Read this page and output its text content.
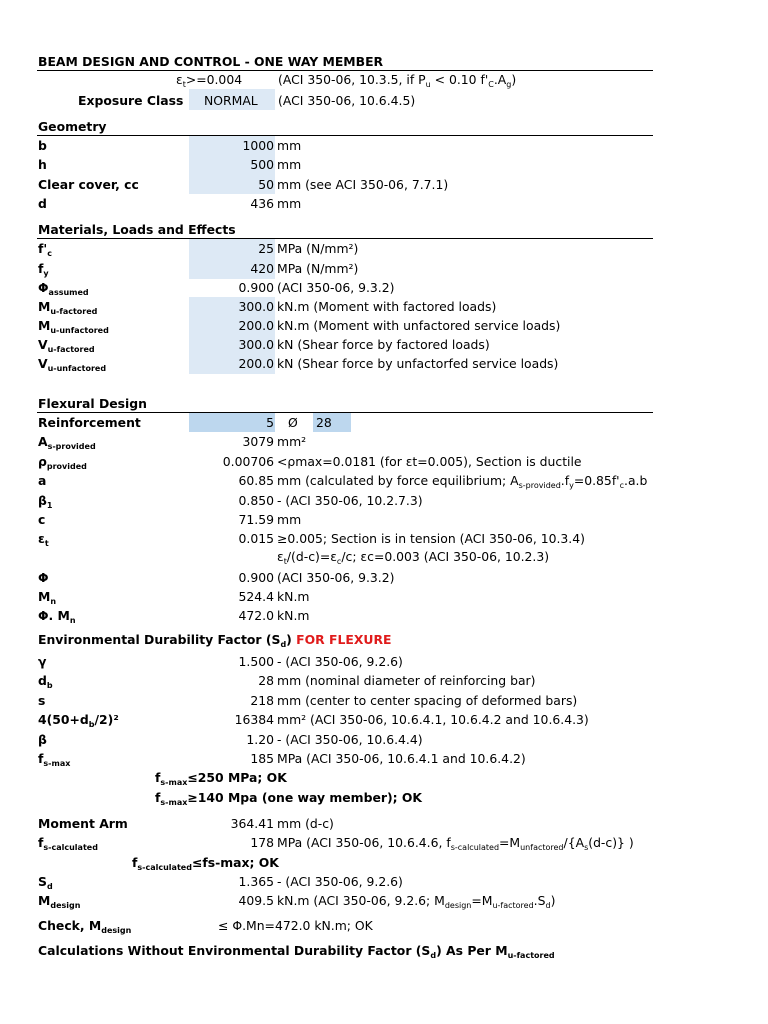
BEAM DESIGN AND CONTROL - ONE WAY MEMBER
$\varepsilon_t>=0.004$	(ACI 350-06, 10.3.5, if $P_u < 0.10$ $f'_C.A_g$)
Exposure Class NORMAL (ACI 350-06, 10.6.4.5)
Geometry
b	1000 mm
h	500 mm
Clear cover, cc	50 mm (see ACI 350-06, 7.7.1)
d	436 mm
Materials, Loads and Effects
$f'_c$	25 MPa (N/mm²)
$f_y$	420 MPa (N/mm²)
$\Phi_{assumed}$	0.900 (ACI 350-06, 9.3.2)
$M_{u-factored}$	300.0 kN.m (Moment with factored loads)
$M_{u-unfactored}$	200.0 kN.m (Moment with unfactored service loads)
$V_{u-factored}$	300.0 kN (Shear force by factored loads)
$V_{u-unfactored}$	200.0 kN (Shear force by unfactorfed service loads)
Flexural Design
Reinforcement	5 Ø 28
$A_{s-provided}$	3079 mm²
$\rho_{provided}$	0.00706 <ρmax=0.0181 (for εt=0.005), Section is ductile
a	60.85 mm (calculated by force equilibrium; $A_{s-provided}.f_y=0.85f'_c.a.b$
$\beta_1$	0.850 - (ACI 350-06, 10.2.7.3)
c	71.59 mm
$\varepsilon_t$	0.015 ≥0.005; Section is in tension (ACI 350-06, 10.3.4)
$\varepsilon_t/(d-c)=\varepsilon_c/c$; εc=0.003 (ACI 350-06, 10.2.3)
Φ	0.900 (ACI 350-06, 9.3.2)
$M_n$	524.4 kN.m
Φ. $M_n$	472.0 kN.m
Environmental Durability Factor $(S_d)$ FOR FLEXURE
γ	1.500 - (ACI 350-06, 9.2.6)
$d_b$	28 mm (nominal diameter of reinforcing bar)
s	218 mm (center to center spacing of deformed bars)
$4(50+d_b/2)^2$	16384 mm² (ACI 350-06, 10.6.4.1, 10.6.4.2 and 10.6.4.3)
β	1.20 - (ACI 350-06, 10.6.4.4)
$f_{s-max}$	185 MPa (ACI 350-06, 10.6.4.1 and 10.6.4.2)
$f_{s-max}\le 250$ MPa; OK
$f_{s-max}\ge 140$ Mpa (one way member); OK
Moment Arm	364.41 mm (d-c)
$f_{s-calculated}$	178 MPa (ACI 350-06, 10.6.4.6, $f_{s-calculated}=M_{unfactored}/\{A_s(d-c)\}$ )
$f_{s-calculated}\le fs-\max$; OK
$S_d$	1.365 - (ACI 350-06, 9.2.6)
$M_{design}$	409.5 kN.m (ACI 350-06, 9.2.6; $M_{design}=M_{u-factored}.S_d$)
Check, $M_{design}$	≤ Φ.Mn=472.0 kN.m; OK
Calculations Without Environmental Durability Factor $(S_d)$ As Per $M_{u-factored}$
